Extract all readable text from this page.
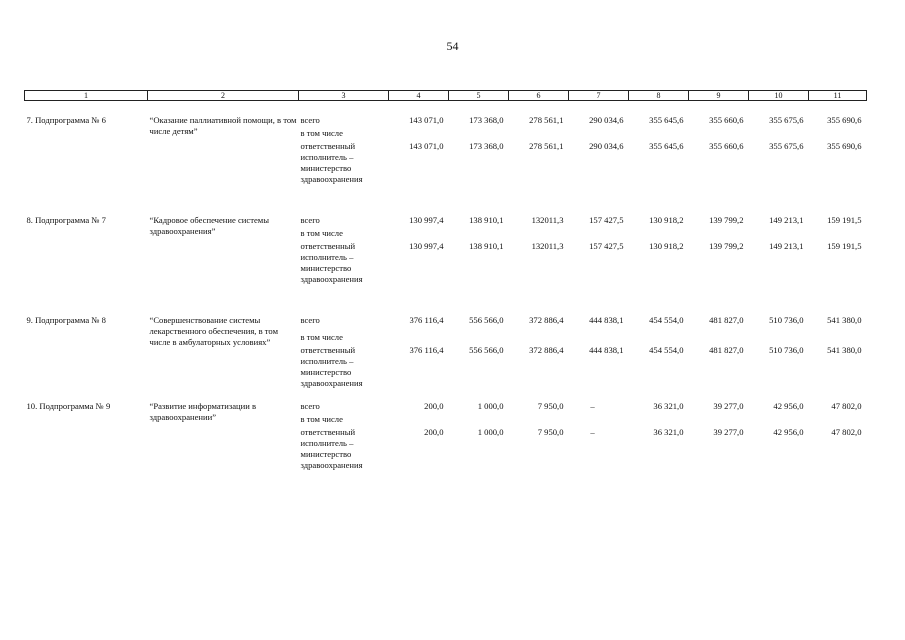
54
1	2	3	4	5	6	7	8	9	10	11
7. Подпрограмма № 6	“Оказание паллиативной помощи, в том числе детям”	всего	143 071,0	173 368,0	278 561,1	290 034,6	355 645,6	355 660,6	355 675,6	355 690,6
		в том числе								
		ответственный исполнитель – министерство здравоохранения	143 071,0	173 368,0	278 561,1	290 034,6	355 645,6	355 660,6	355 675,6	355 690,6
8. Подпрограмма № 7	“Кадровое обеспечение системы здравоохранения”	всего	130 997,4	138 910,1	132011,3	157 427,5	130 918,2	139 799,2	149 213,1	159 191,5
		в том числе								
		ответственный исполнитель – министерство здравоохранения	130 997,4	138 910,1	132011,3	157 427,5	130 918,2	139 799,2	149 213,1	159 191,5
9. Подпрограмма № 8	“Совершенствование системы лекарственного обеспечения, в том числе в амбулаторных условиях”	всего	376 116,4	556 566,0	372 886,4	444 838,1	454 554,0	481 827,0	510 736,0	541 380,0
		в том числе								
		ответственный исполнитель – министерство здравоохранения	376 116,4	556 566,0	372 886,4	444 838,1	454 554,0	481 827,0	510 736,0	541 380,0
10. Подпрограмма № 9	“Развитие информатизации в здравоохранении”	всего	200,0	1 000,0	7 950,0	–	36 321,0	39 277,0	42 956,0	47 802,0
		в том числе								
		ответственный исполнитель – министерство здравоохранения	200,0	1 000,0	7 950,0	–	36 321,0	39 277,0	42 956,0	47 802,0
